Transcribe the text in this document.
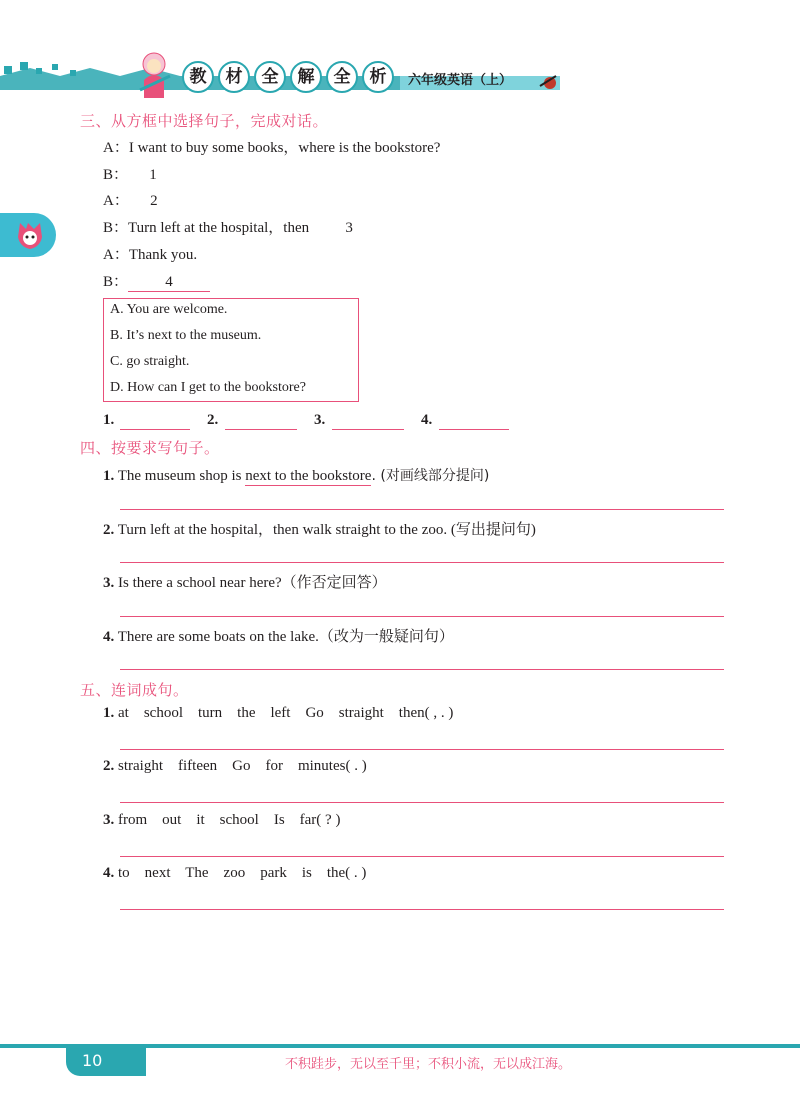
教	材	全	解	全	析	六年级英语（上）
三、从方框中选择句子，完成对话。
A：I want to buy some books，where is the bookstore?
B： 1
A： 2
B：Turn left at the hospital，then 3
A：Thank you.
B： 4
A. You are welcome.
B. It’s next to the museum.
C. go straight.
D. How can I get to the bookstore?
1.	2.	3.	4.
四、按要求写句子。
1. The museum shop is next to the bookstore. (对画线部分提问)
2. Turn left at the hospital，then walk straight to the zoo. (写出提问句)
3. Is there a school near here?（作否定回答）
4. There are some boats on the lake.（改为一般疑问句）
五、连词成句。
1. at    school    turn    the    left    Go    straight    then( , . )
2. straight    fifteen    Go    for    minutes( . )
3. from    out    it    school    Is    far( ? )
4. to    next    The    zoo    park    is    the( . )
10	不积跬步，无以至千里；不积小流，无以成江海。
